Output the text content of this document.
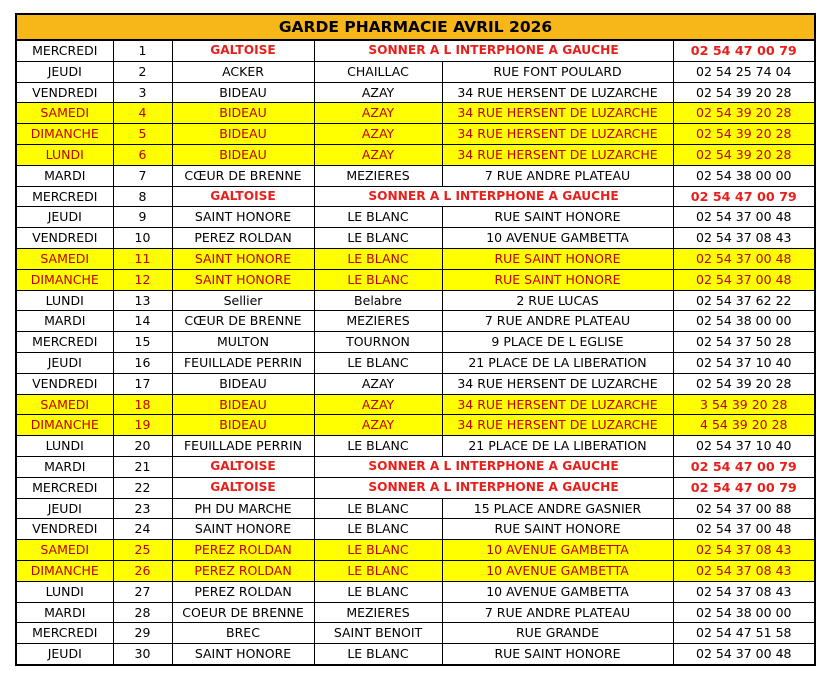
GARDE PHARMACIE AVRIL 2026					
MERCREDI	1	GALTOISE	SONNER A L INTERPHONE A GAUCHE		02 54 47 00 79
JEUDI	2	ACKER	CHAILLAC	RUE FONT POULARD	02 54 25 74 04
VENDREDI	3	BIDEAU	AZAY	34 RUE HERSENT DE LUZARCHE	02 54 39 20 28
SAMEDI	4	BIDEAU	AZAY	34 RUE HERSENT DE LUZARCHE	02 54 39 20 28
DIMANCHE	5	BIDEAU	AZAY	34 RUE HERSENT DE LUZARCHE	02 54 39 20 28
LUNDI	6	BIDEAU	AZAY	34 RUE HERSENT DE LUZARCHE	02 54 39 20 28
MARDI	7	CŒUR DE BRENNE	MEZIERES	7 RUE ANDRE PLATEAU	02 54 38 00 00
MERCREDI	8	GALTOISE	SONNER A L INTERPHONE A GAUCHE		02 54 47 00 79
JEUDI	9	SAINT HONORE	LE BLANC	RUE SAINT HONORE	02 54 37 00 48
VENDREDI	10	PEREZ ROLDAN	LE BLANC	10 AVENUE GAMBETTA	02 54 37 08 43
SAMEDI	11	SAINT HONORE	LE BLANC	RUE SAINT HONORE	02 54 37 00 48
DIMANCHE	12	SAINT HONORE	LE BLANC	RUE SAINT HONORE	02 54 37 00 48
LUNDI	13	Sellier	Belabre	2 RUE LUCAS	02 54 37 62 22
MARDI	14	CŒUR DE BRENNE	MEZIERES	7 RUE ANDRE PLATEAU	02 54 38 00 00
MERCREDI	15	MULTON	TOURNON	9 PLACE DE L EGLISE	02 54 37 50 28
JEUDI	16	FEUILLADE PERRIN	LE BLANC	21 PLACE DE LA LIBERATION	02 54 37 10 40
VENDREDI	17	BIDEAU	AZAY	34 RUE HERSENT DE LUZARCHE	02 54 39 20 28
SAMEDI	18	BIDEAU	AZAY	34 RUE HERSENT DE LUZARCHE	3 54 39 20 28
DIMANCHE	19	BIDEAU	AZAY	34 RUE HERSENT DE LUZARCHE	4 54 39 20 28
LUNDI	20	FEUILLADE PERRIN	LE BLANC	21 PLACE DE LA LIBERATION	02 54 37 10 40
MARDI	21	GALTOISE	SONNER A L INTERPHONE A GAUCHE		02 54 47 00 79
MERCREDI	22	GALTOISE	SONNER A L INTERPHONE A GAUCHE		02 54 47 00 79
JEUDI	23	PH DU MARCHE	LE BLANC	15 PLACE ANDRE GASNIER	02 54 37 00 88
VENDREDI	24	SAINT HONORE	LE BLANC	RUE SAINT HONORE	02 54 37 00 48
SAMEDI	25	PEREZ ROLDAN	LE BLANC	10 AVENUE GAMBETTA	02 54 37 08 43
DIMANCHE	26	PEREZ ROLDAN	LE BLANC	10 AVENUE GAMBETTA	02 54 37 08 43
LUNDI	27	PEREZ ROLDAN	LE BLANC	10 AVENUE GAMBETTA	02 54 37 08 43
MARDI	28	COEUR DE BRENNE	MEZIERES	7 RUE ANDRE PLATEAU	02 54 38 00 00
MERCREDI	29	BREC	SAINT BENOIT	RUE GRANDE	02 54 47 51 58
JEUDI	30	SAINT HONORE	LE BLANC	RUE SAINT HONORE	02 54 37 00 48
